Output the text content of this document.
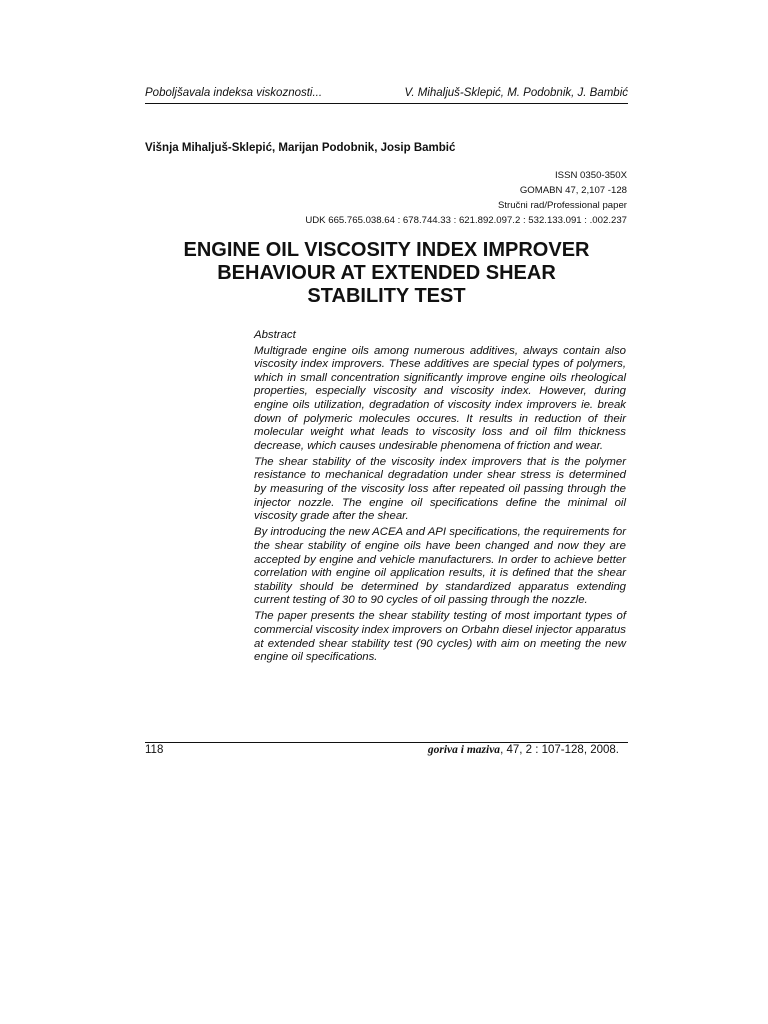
Poboljšavala indeksa viskoznosti...	V. Mihaljuš-Sklepić, M. Podobnik, J. Bambić
Višnja Mihaljuš-Sklepić, Marijan Podobnik, Josip Bambić
ISSN 0350-350X
GOMABN 47, 2,107 -128
Stručni rad/Professional paper
UDK 665.765.038.64 : 678.744.33 : 621.892.097.2 : 532.133.091 : .002.237
ENGINE OIL VISCOSITY INDEX IMPROVER
BEHAVIOUR AT EXTENDED SHEAR
STABILITY TEST
Abstract

Multigrade engine oils among numerous additives, always contain also viscosity index improvers. These additives are special types of polymers, which in small concentration significantly improve engine oils rheological properties, especially viscosity and viscosity index. However, during engine oils utilization, degradation of viscosity index improvers ie. break down of polymeric molecules occures. It results in reduction of their molecular weight what leads to viscosity loss and oil film thickness decrease, which causes undesirable phenomena of friction and wear.

The shear stability of the viscosity index improvers that is the polymer resistance to mechanical degradation under shear stress is determined by measuring of the viscosity loss after repeated oil passing through the injector nozzle. The engine oil specifications define the minimal oil viscosity grade after the shear.

By introducing the new ACEA and API specifications, the requirements for the shear stability of engine oils have been changed and now they are accepted by engine and vehicle manufacturers. In order to achieve better correlation with engine oil application results, it is defined that the shear stability should be determined by standardized apparatus extending current testing of 30 to 90 cycles of oil passing through the nozzle.

The paper presents the shear stability testing of most important types of commercial viscosity index improvers on Orbahn diesel injector apparatus at extended shear stability test (90 cycles) with aim on meeting the new engine oil specifications.

118	goriva i maziva, 47, 2 : 107-128, 2008.
